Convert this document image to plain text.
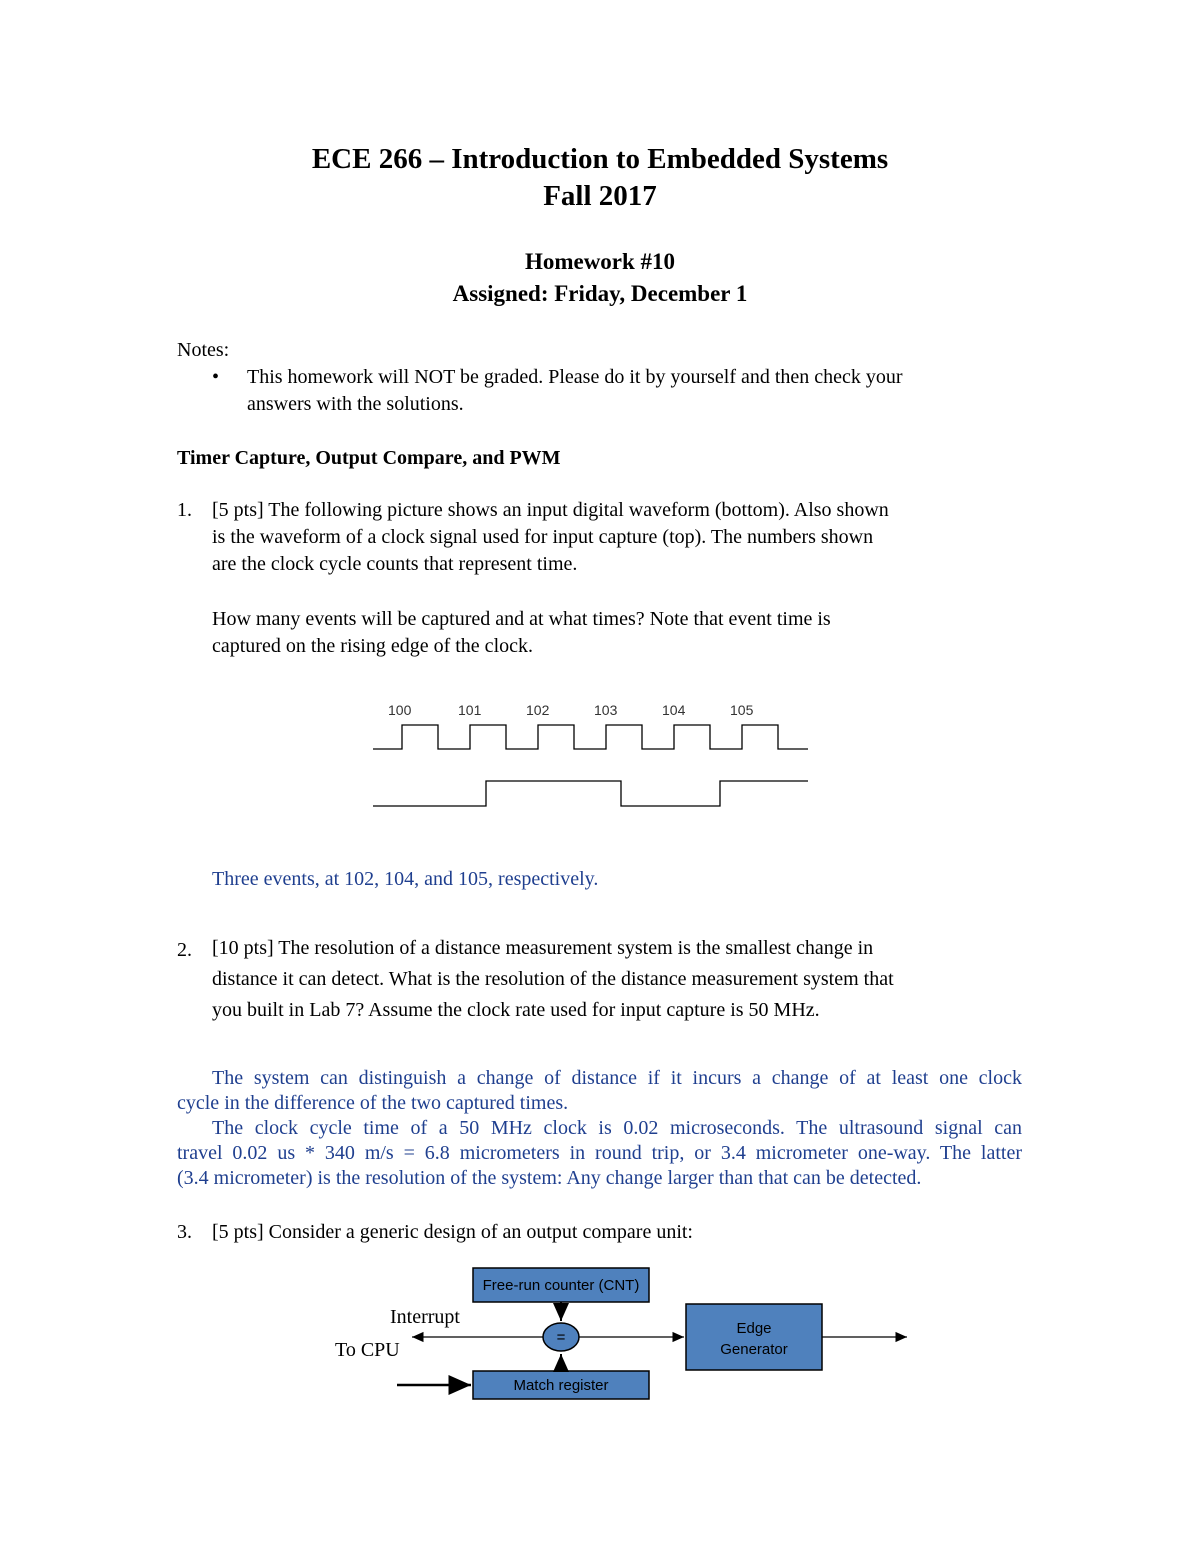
ECE 266 – Introduction to Embedded Systems
Fall 2017
Homework #10
Assigned: Friday, December 1
Notes:
• This homework will NOT be graded. Please do it by yourself and then check your
answers with the solutions.
Timer Capture, Output Compare, and PWM
1. [5 pts] The following picture shows an input digital waveform (bottom). Also shown
is the waveform of a clock signal used for input capture (top). The numbers shown
are the clock cycle counts that represent time.
How many events will be captured and at what times? Note that event time is
captured on the rising edge of the clock.
100	101	102	103	104	105
Three events, at 102, 104, and 105, respectively.
2. [10 pts] The resolution of a distance measurement system is the smallest change in
distance it can detect. What is the resolution of the distance measurement system that
you built in Lab 7? Assume the clock rate used for input capture is 50 MHz.
The system can distinguish a change of distance if it incurs a change of at least one clock
cycle in the difference of the two captured times.
The clock cycle time of a 50 MHz clock is 0.02 microseconds. The ultrasound signal can
travel 0.02 us * 340 m/s = 6.8 micrometers in round trip, or 3.4 micrometer one-way. The latter
(3.4 micrometer) is the resolution of the system: Any change larger than that can be detected.
3. [5 pts] Consider a generic design of an output compare unit:
Free-run counter (CNT)
=
Match register
Interrupt
To CPU
Edge
Generator
